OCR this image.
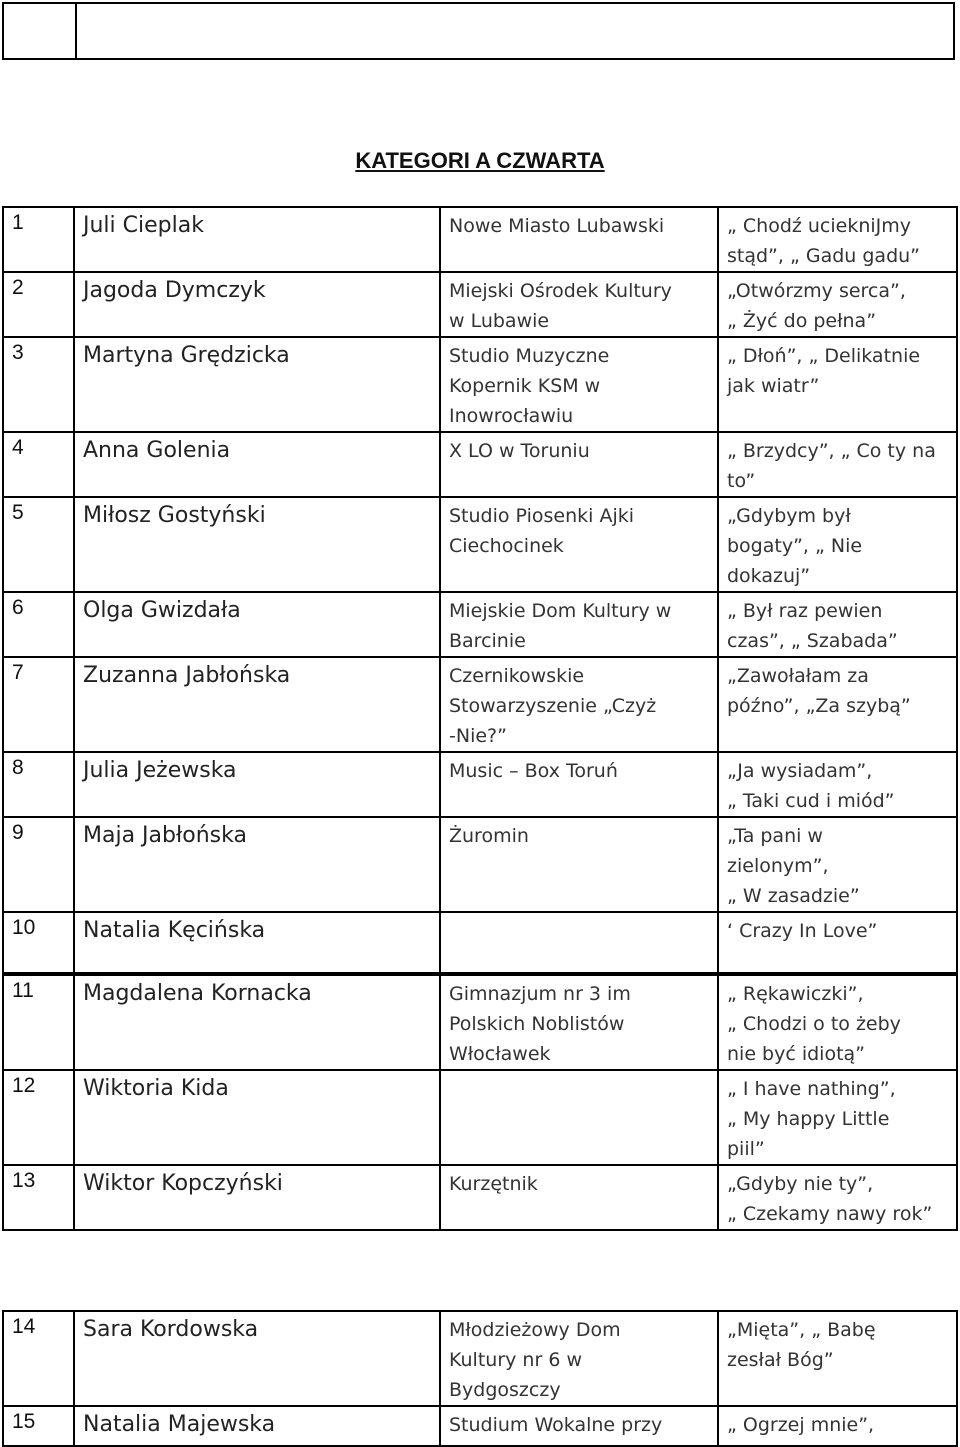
KATEGORI A CZWARTA
1	Juli Cieplak	Nowe Miasto Lubawski	„ Chodź uciekniJmy
stąd”, „ Gadu gadu”

2	Jagoda Dymczyk	Miejski Ośrodek Kultury
w Lubawie	„Otwórzmy serca”,
„ Żyć do pełna”

3	Martyna Grędzicka	Studio Muzyczne
Kopernik KSM w
Inowrocławiu	„ Dłoń”, „ Delikatnie
jak wiatr”

4	Anna Golenia	X LO w Toruniu	„ Brzydcy”, „ Co ty na
to”

5	Miłosz Gostyński	Studio Piosenki Ajki
Ciechocinek	„Gdybym był
bogaty”, „ Nie
dokazuj”

6	Olga Gwizdała	Miejskie Dom Kultury w
Barcinie	„ Był raz pewien
czas”, „ Szabada”

7	Zuzanna Jabłońska	Czernikowskie
Stowarzyszenie „Czyż
-Nie?”	„Zawołałam za
późno”, „Za szybą”

8	Julia Jeżewska	Music – Box Toruń	„Ja wysiadam”,
„ Taki cud i miód”

9	Maja Jabłońska	Żuromin	„Ta pani w
zielonym”,
„ W zasadzie”

10	Natalia Kęcińska		‘ Crazy In Love”
11	Magdalena Kornacka	Gimnazjum nr 3 im
Polskich Noblistów
Włocławek	„ Rękawiczki”,
„ Chodzi o to żeby
nie być idiotą”

12	Wiktoria Kida		„ I have nathing”,
„ My happy Little
piil”

13	Wiktor Kopczyński	Kurzętnik	„Gdyby nie ty”,
„ Czekamy nawy rok”
14	Sara Kordowska	Młodzieżowy Dom
Kultury nr 6 w
Bydgoszczy	„Mięta”, „ Babę
zesłał Bóg”

15	Natalia Majewska	Studium Wokalne przy	„ Ogrzej mnie”,
